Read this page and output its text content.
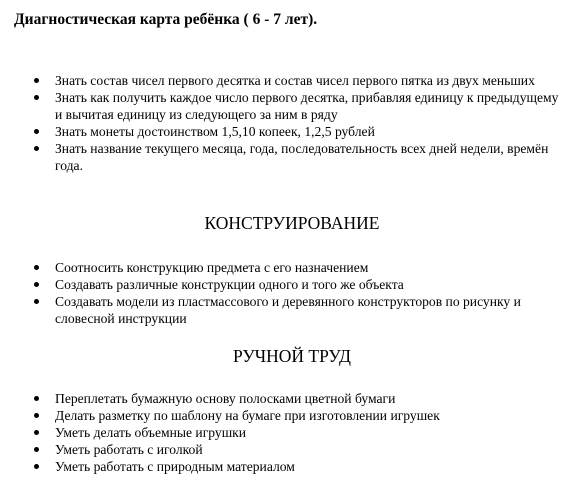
Диагностическая карта ребёнка ( 6 - 7 лет).
Знать состав чисел первого десятка и состав чисел первого пятка из двух меньших
Знать как получить каждое число первого десятка, прибавляя единицу к предыдущему и вычитая единицу из следующего за ним в ряду
Знать монеты достоинством 1,5,10 копеек, 1,2,5 рублей
Знать название текущего месяца, года, последовательность всех дней недели, времён года.
КОНСТРУИРОВАНИЕ
Соотносить конструкцию предмета с его назначением
Создавать различные конструкции одного и того же объекта
Создавать модели из пластмассового и деревянного конструкторов по рисунку и словесной инструкции
РУЧНОЙ ТРУД
Переплетать бумажную основу полосками цветной бумаги
Делать разметку по шаблону на бумаге при изготовлении игрушек
Уметь делать объемные игрушки
Уметь работать с иголкой
Уметь работать с природным материалом
